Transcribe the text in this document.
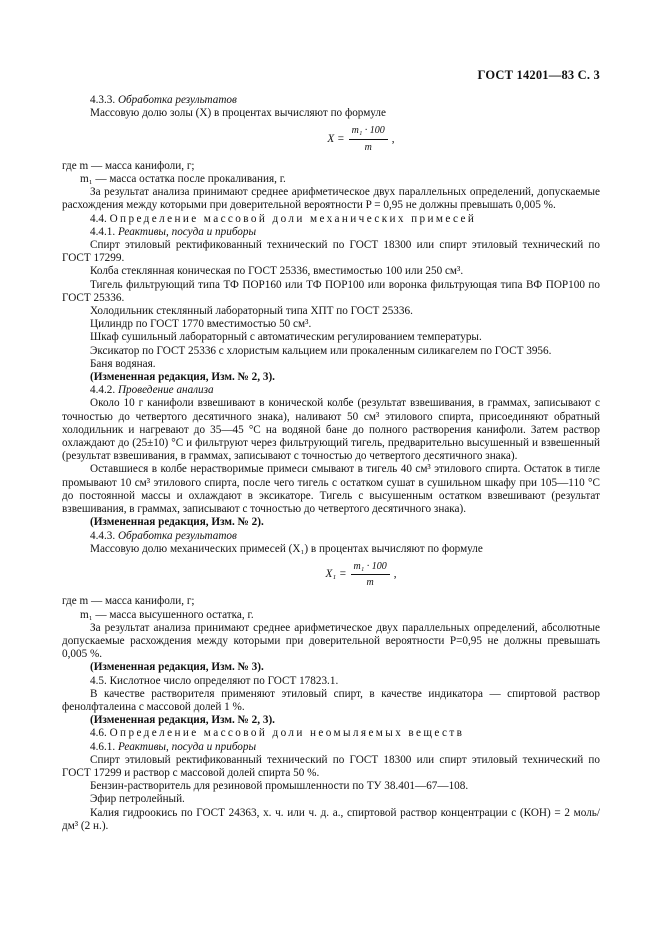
ГОСТ 14201—83 С. 3

4.3.3. Обработка результатов

Массовую долю золы (X) в процентах вычисляют по формуле

$X = \frac{\text{m₁ · 100}}{m}$ ,

где m — масса канифоли, г;

m₁ — масса остатка после прокаливания, г.

За результат анализа принимают среднее арифметическое двух параллельных определений, допускаемые расхождения между которыми при доверительной вероятности P = 0,95 не должны превышать 0,005 %.

4.4. Определение массовой доли механических примесей

4.4.1. Реактивы, посуда и приборы

Спирт этиловый ректификованный технический по ГОСТ 18300 или спирт этиловый технический по ГОСТ 17299.

Колба стеклянная коническая по ГОСТ 25336, вместимостью 100 или 250 см³.

Тигель фильтрующий типа ТФ ПОР160 или ТФ ПОР100 или воронка фильтрующая типа ВФ ПОР100 по ГОСТ 25336.

Холодильник стеклянный лабораторный типа ХПТ по ГОСТ 25336.

Цилиндр по ГОСТ 1770 вместимостью 50 см³.

Шкаф сушильный лабораторный с автоматическим регулированием температуры.

Эксикатор по ГОСТ 25336 с хлористым кальцием или прокаленным силикагелем по ГОСТ 3956.

Баня водяная.

(Измененная редакция, Изм. № 2, 3).

4.4.2. Проведение анализа

Около 10 г канифоли взвешивают в конической колбе (результат взвешивания, в граммах, записывают с точностью до четвертого десятичного знака), наливают 50 см³ этилового спирта, присоединяют обратный холодильник и нагревают до 35—45 °С на водяной бане до полного растворения канифоли. Затем раствор охлаждают до (25±10) °С и фильтруют через фильтрующий тигель, предварительно высушенный и взвешенный (результат взвешивания, в граммах, записывают с точностью до четвертого десятичного знака).

Оставшиеся в колбе нерастворимые примеси смывают в тигель 40 см³ этилового спирта. Остаток в тигле промывают 10 см³ этилового спирта, после чего тигель с остатком сушат в сушильном шкафу при 105—110 °С до постоянной массы и охлаждают в эксикаторе. Тигель с высушенным остатком взвешивают (результат взвешивания, в граммах, записывают с точностью до четвертого десятичного знака).

(Измененная редакция, Изм. № 2).

4.4.3. Обработка результатов

Массовую долю механических примесей (X₁) в процентах вычисляют по формуле

$X_1 = \frac{\text{m₁ · 100}}{m}$ ,

где m — масса канифоли, г;

m₁ — масса высушенного остатка, г.

За результат анализа принимают среднее арифметическое двух параллельных определений, абсолютные допускаемые расхождения между которыми при доверительной вероятности P=0,95 не должны превышать 0,005 %.

(Измененная редакция, Изм. № 3).

4.5. Кислотное число определяют по ГОСТ 17823.1.

В качестве растворителя применяют этиловый спирт, в качестве индикатора — спиртовой раствор фенолфталеина с массовой долей 1 %.

(Измененная редакция, Изм. № 2, 3).

4.6. Определение массовой доли неомыляемых веществ

4.6.1. Реактивы, посуда и приборы

Спирт этиловый ректификованный технический по ГОСТ 18300 или спирт этиловый технический по ГОСТ 17299 и раствор с массовой долей спирта 50 %.

Бензин-растворитель для резиновой промышленности по ТУ 38.401—67—108.

Эфир петролейный.

Калия гидроокись по ГОСТ 24363, х. ч. или ч. д. а., спиртовой раствор концентрации с (КОН) = 2 моль/дм³ (2 н.).
